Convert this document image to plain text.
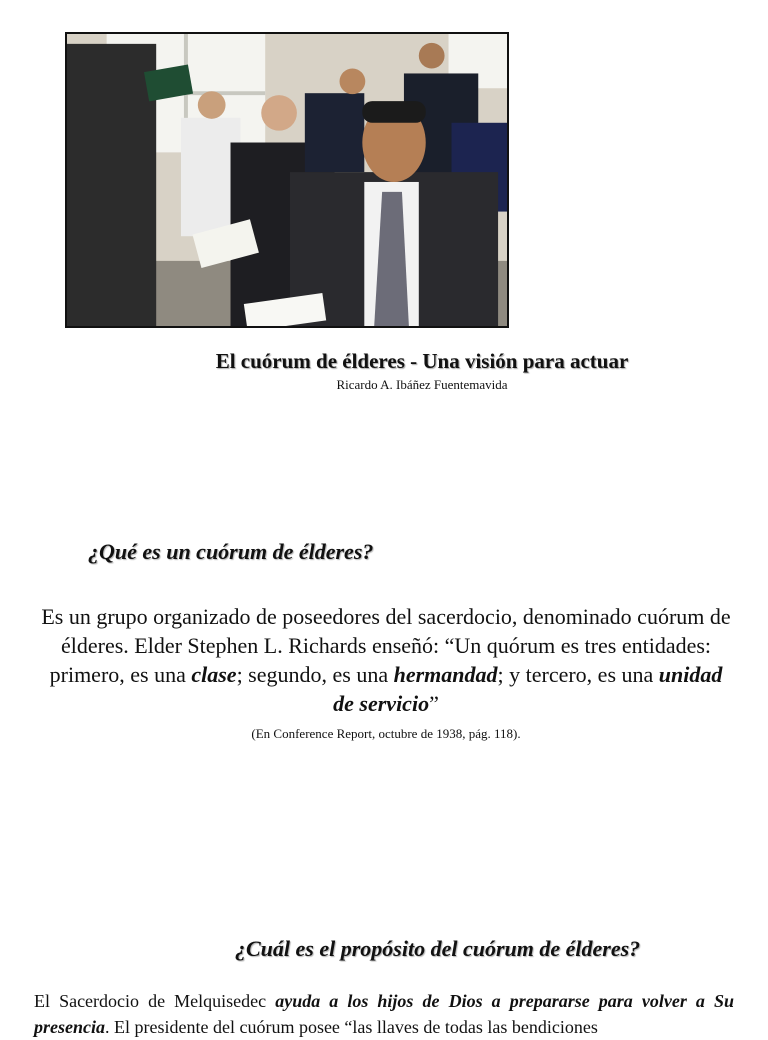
El cuórum de élderes - Una visión para actuar
Ricardo A. Ibáñez Fuentemavida
¿Qué es un cuórum de élderes?
Es un grupo organizado de poseedores del sacerdocio, denominado cuórum de élderes. Elder Stephen L. Richards enseñó: “Un quórum es tres entidades: primero, es una clase; segundo, es una hermandad; y tercero, es una unidad de servicio”
(En Conference Report, octubre de 1938, pág. 118).
¿Cuál es el propósito del cuórum de élderes?
El Sacerdocio de Melquisedec ayuda a los hijos de Dios a prepararse para volver a Su presencia. El presidente del cuórum posee “las llaves de todas las bendiciones
